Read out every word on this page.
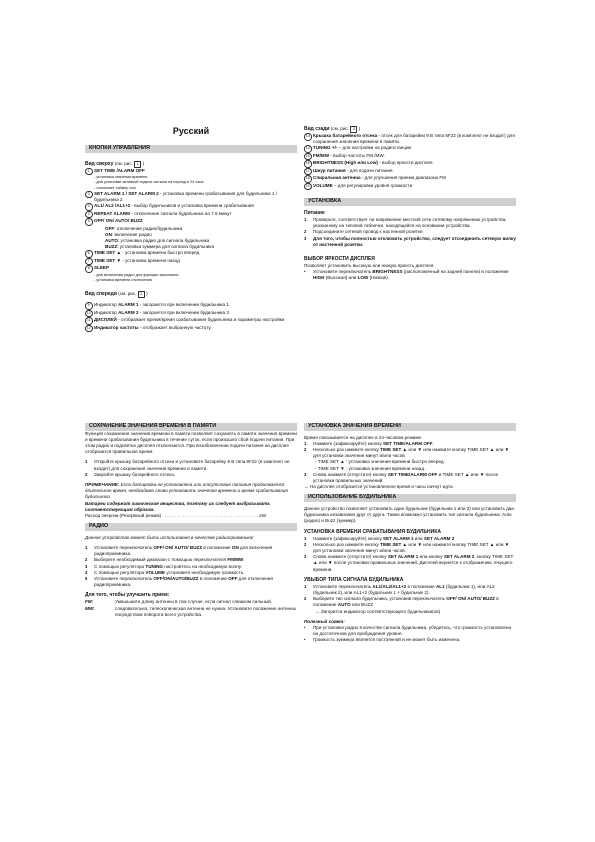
Русский
КНОПКИ УПРАВЛЕНИЯ

Вид сверху (см. рис. 1 )

1 SET TIME /ALARM OFF
- установка значения времени
- для установки активной подачи сигнала на период в 24 часа
- отключает таймер сна.
2 SET ALARM 1 / SET ALARM 2 - установка времени срабатывания для будильника 1 / будильника 2
3 AL1/ AL2 /AL1+2 - выбор будильников и установка времени срабатывания
4 REPEAT ALARM - отключение сигнала будильника на 7.6 минут
5 OFF/ ON/ AUTO/ BUZZ
OFF: отключение радио/будильника
ON: включение радио
AUTO: установка радио для сигнала будильника
BUZZ: установка зуммера для сигнала будильника
6 TIME SET ▲ - установка времени быстро вперед
7 TIME SET ▼ - установка времени назад
8 SLEEP
- для включения радио для функции засыпания
- установка времени отключения

Вид спереди (см. рис. 2 )

9 Индикатор ALARM 1 - загорается при включении будильника 1.
10 Индикатор ALARM 2 - загорается при включении будильника 2.
11 ДИСПЛЕЙ - отображает время/время срабатывания будильника и параметры настройки
12 Индикатор частоты - отображает выбранную частоту.

Вид сзади (см. рис. 3 )

13 Крышка батарейного отсека - отсек для батарейки 9 В типа 6F22 (в комплект не входит) для сохранения значения времени в памяти.
14 TUNING +/- – для настройки на радиостанции
15 FM/MW - выбор частоты FM /MW.
16 BRIGHTNESS (High или Low) - выбор яркости дисплея
17 Шнур питания - для подачи питания
18 Спиральная антенна - для улучшения приема диапазона FM
19 VOLUME – для регулировки уровня громкости
УСТАНОВКА

Питание

1	Проверьте, соответствует ли напряжение местной сети сетевому напряжению устройства, указанному на типовой табличке, находящейся на основании устройства.
2	Подсоедините сетевой провод к настенной розетке.
3	Для того, чтобы полностью отключить устройство, следует отсоединить сетевую вилку от настенной розетки.

ВЫБОР ЯРКОСТИ ДИСПЛЕЯ

Позволяет установить высокую или низкую яркость дисплея.

•	Установите переключатель BRIGHTNESS (расположенный на задней панели) в положение HIGH (Высокая) или LOW (Низкая).
СОХРАНЕНИЕ ЗНАЧЕНИЯ ВРЕМЕНИ В ПАМЯТИ

Функция сохранения значения времени в памяти позволяет сохранять в памяти значения времени и времени срабатывания будильника в течение суток, если произошло сбой подачи питания. При этом радио и подсветка дисплея отключаются. При возобновлении подачи питания на дисплее отобразится правильное время.

1	Откройте крышку батарейного отсека и установите батарейку 9 В типа 6F22 (в комплект не входит) для сохранения значения времени в памяти.
2	Закройте крышку батарейного отсека.

ПРИМЕЧАНИЕ: Если батарейка не установлена или отсутствие питания продолжается длительное время, необходимо снова установить значения времени и время срабатывания будильника.

Батареи содержат химические вещества, поэтому их следует выбрасывать соответствующим образом.

Расход энергии (Резервный режим) . . . . . . . . . . . . . . . . . . . . . . . . . . . . . . . . . . . . . . 2W

РАДИО

Данное устройство может быть использовано в качестве радиоприемника!

1	Установите переключатель OFF/ ON/ AUTO/ BUZZ в положение ON для включения радиоприемника.
2	Выберите необходимый диапазон с помощью переключателя FM/MW
3	С помощью регулятора TUNING настройтесь на необходимую волну.
4	С помощью регулятора VOLUME установите необходимую громкость.
5	Установите переключатель OFF/ON/AUTO/BUZZ в положение OFF для отключения радиоприемника.

Для того, чтобы улучшить прием:

FM:	Умешьшите длину антенны в том случае, если сигнал слишком сильный.
MW:	следовательно, телескопическая антенна не нужна. Установите положение антенны посредством поворота всего устройства.
УСТАНОВКА ЗНАЧЕНИЯ ВРЕМЕНИ

Время показывается на дисплее в 24-часовом режиме.

1	Нажмите (зафиксируйте) кнопку SET TIME/ALARM OFF.
2	Несколько раз нажмите кнопку TIME SET ▲ или ▼ или нажмите кнопку TIME SET ▲ или ▼ для установки значения минут и/или часов.

- TIME SET ▲ : установка значения времени быстро вперед.

- TIME SET ▼ : установка значения времени назад.

3	Снова нажмите (отпустите) кнопку SET TIME/ALARM OFF и TIME SET ▲ или ▼ после установки правильных значений.

→ На дисплее отобразится установленное время и часы начнут идти.

ИСПОЛЬЗОВАНИЕ БУДИЛЬНИКА

Данное устройство позволяет установить один будильник (будильник 1 или 2) или установить два будильника независимо друг от друга. Также возможно установить тип сигнала будильника: Auto (радио) и Buzz (зуммер).

УСТАНОВКА ВРЕМЕНИ СРАБАТЫВАНИЯ БУДИЛЬНИКА

1	Нажмите (зафиксируйте) кнопку SET ALARM 1 или SET ALARM 2
2	Несколько раз нажмите кнопку TIME SET ▲ или ▼ или нажмите кнопку TIME SET ▲ или ▼ для установки значения минут и/или часов.
3	Снова нажмите (отпустите) кнопку SET ALARM 1 или кнопку SET ALARM 2, кнопку TIME SET ▲ или ▼ после установки правильных значений. Дисплей вернется к отображению текущего времени.

УВЫБОР ТИПА СИГНАЛА БУДИЛЬНИКА

1	Установите переключатель AL1/AL2/AL1+2 в положение AL1 (будильник 1), или AL2 (будильник 2), или AL1+2 (будильник 1 + будильник 2).
2	Выберите тип сигнала будильника, установив переключатель OFF/ ON/ AUTO/ BUZZ в положение AUTO или BUZZ

→ Загорится индикатор соответствующего будильника(ов)

Полезный совет:

•	При установке радио в качестве сигнала будильника, убедитесь, что громкость установлена на достаточном для пробуждения уровне.
•	Громкость зуммера является постоянной и не может быть изменена.
